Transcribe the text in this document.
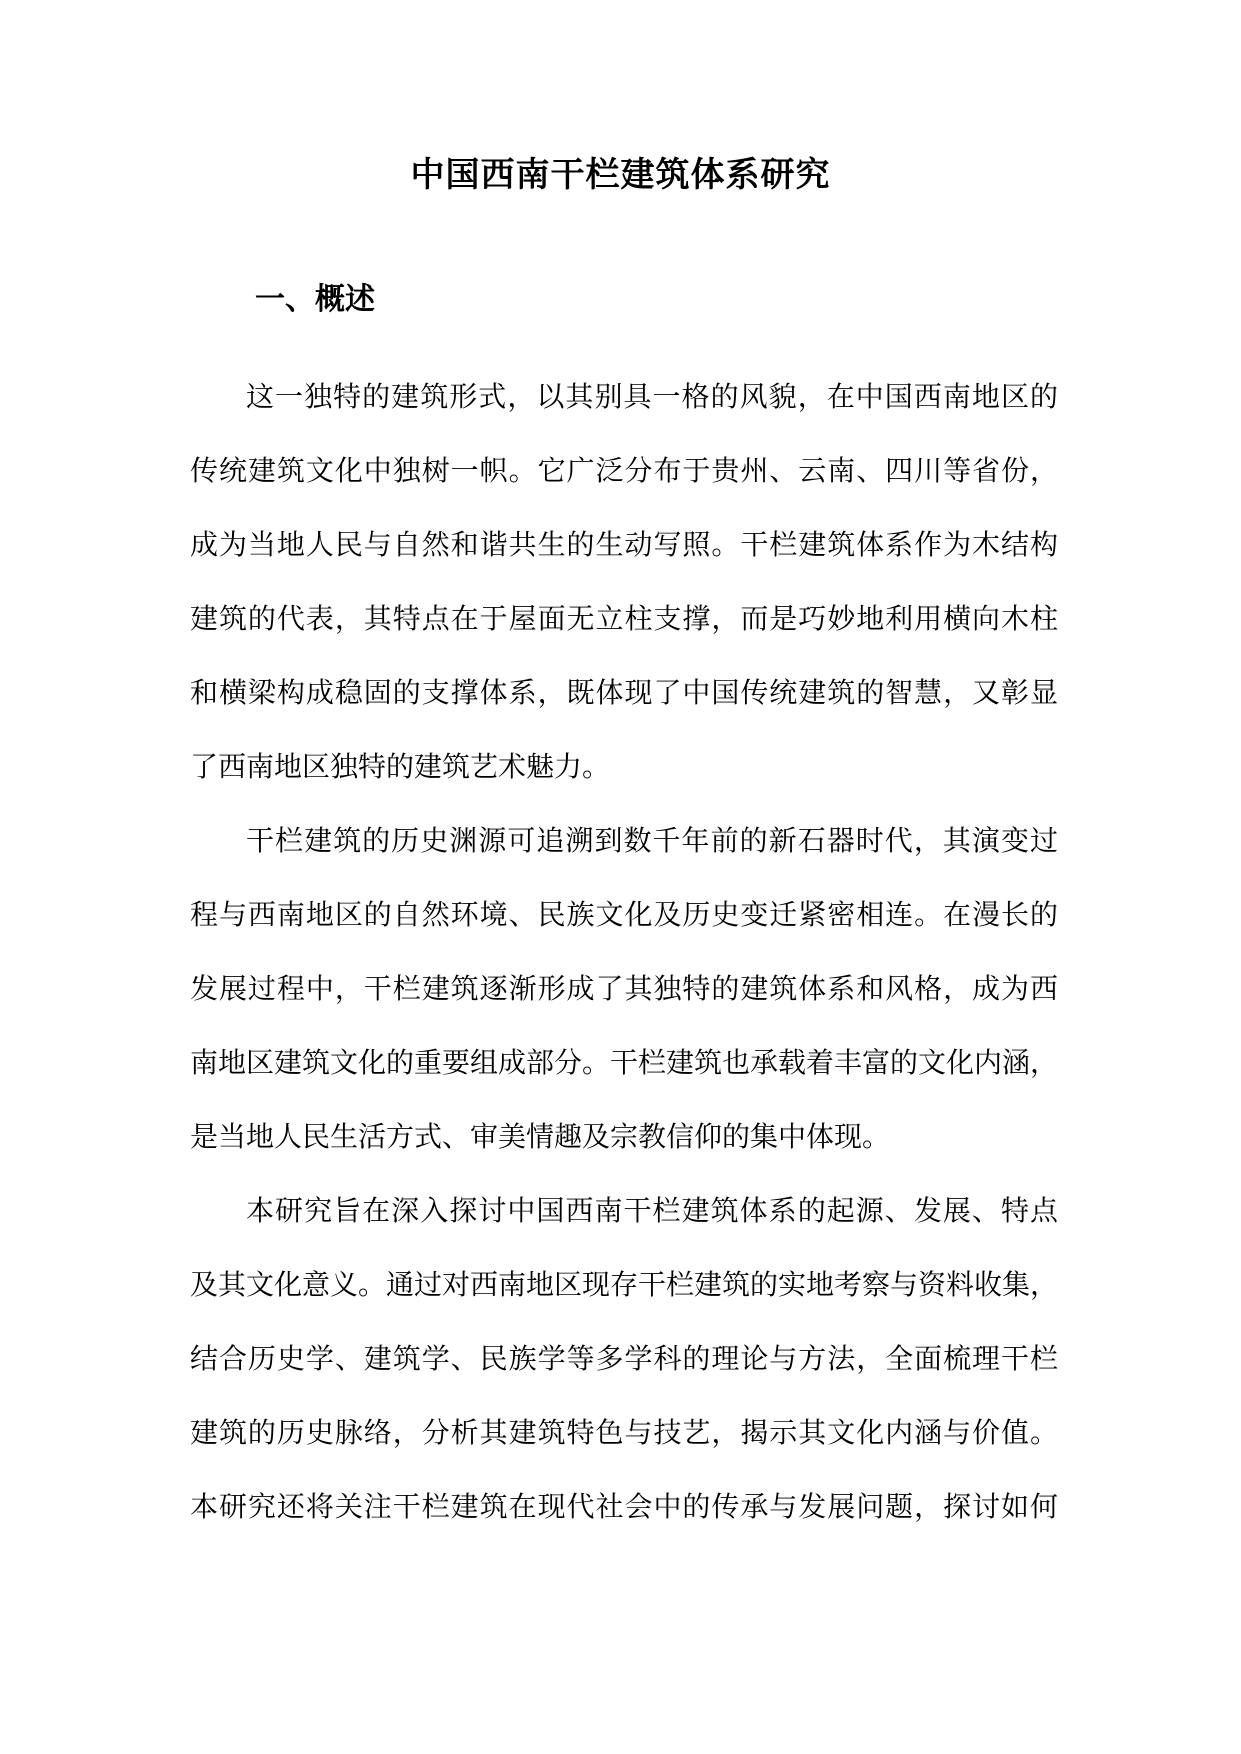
中国西南干栏建筑体系研究
一、概述

这一独特的建筑形式，以其别具一格的风貌，在中国西南地区的
传统建筑文化中独树一帜。它广泛分布于贵州、云南、四川等省份，
成为当地人民与自然和谐共生的生动写照。干栏建筑体系作为木结构
建筑的代表，其特点在于屋面无立柱支撑，而是巧妙地利用横向木柱
和横梁构成稳固的支撑体系，既体现了中国传统建筑的智慧，又彰显
了西南地区独特的建筑艺术魅力。

干栏建筑的历史渊源可追溯到数千年前的新石器时代，其演变过
程与西南地区的自然环境、民族文化及历史变迁紧密相连。在漫长的
发展过程中，干栏建筑逐渐形成了其独特的建筑体系和风格，成为西
南地区建筑文化的重要组成部分。干栏建筑也承载着丰富的文化内涵，
是当地人民生活方式、审美情趣及宗教信仰的集中体现。

本研究旨在深入探讨中国西南干栏建筑体系的起源、发展、特点
及其文化意义。通过对西南地区现存干栏建筑的实地考察与资料收集，
结合历史学、建筑学、民族学等多学科的理论与方法，全面梳理干栏
建筑的历史脉络，分析其建筑特色与技艺，揭示其文化内涵与价值。
本研究还将关注干栏建筑在现代社会中的传承与发展问题，探讨如何
